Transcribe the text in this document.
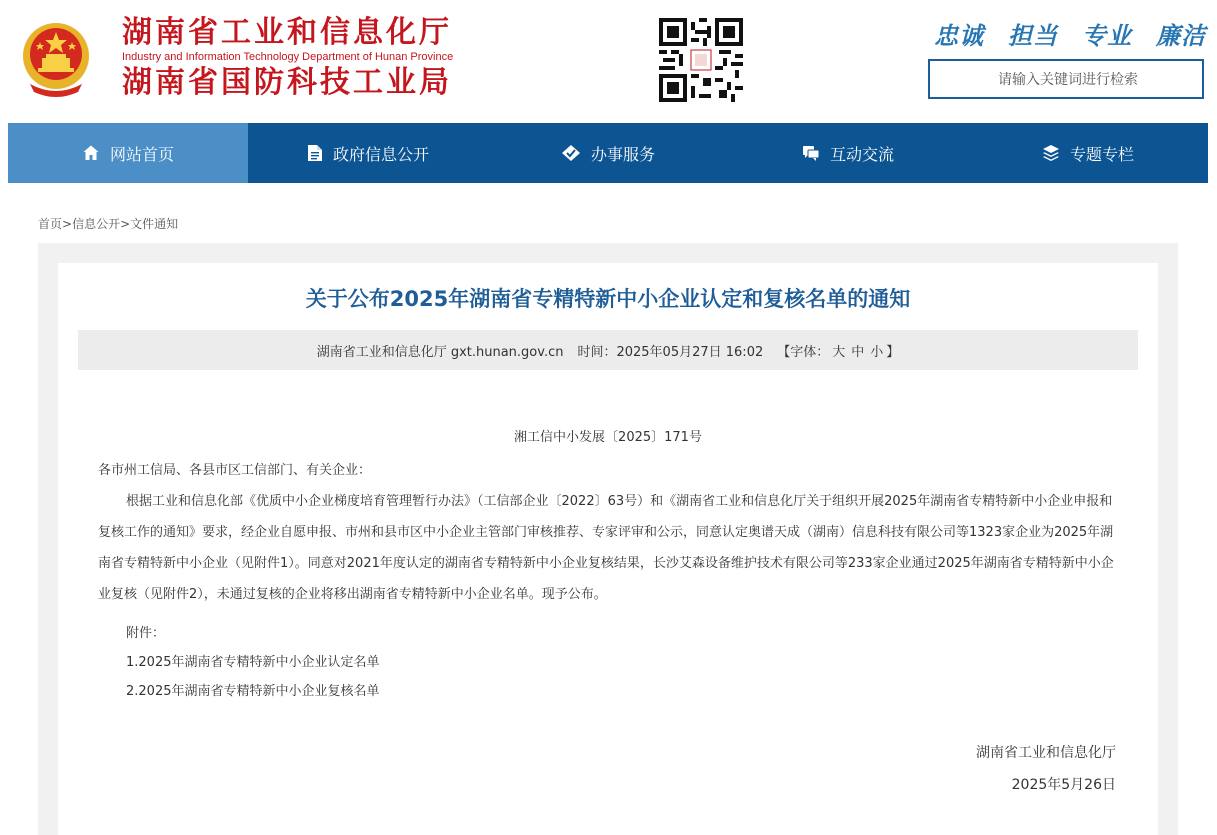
湖南省工业和信息化厅
Industry and Information Technology Department of Hunan Province
湖南省国防科技工业局
忠诚 担当 专业 廉洁
请输入关键词进行检索
网站首页	政府信息公开	办事服务	互动交流	专题专栏
首页>信息公开>文件通知
关于公布2025年湖南省专精特新中小企业认定和复核名单的通知
湖南省工业和信息化厅 gxt.hunan.gov.cn 时间：2025年05月27日 16:02 【字体： 大 中 小 】
湘工信中小发展〔2025〕171号

各市州工信局、各县市区工信部门、有关企业：

根据工业和信息化部《优质中小企业梯度培育管理暂行办法》（工信部企业〔2022〕63号）和《湖南省工业和信息化厅关于组织开展2025年湖南省专精特新中小企业申报和复核工作的通知》要求，经企业自愿申报、市州和县市区中小企业主管部门审核推荐、专家评审和公示，同意认定奥谱天成（湖南）信息科技有限公司等1323家企业为2025年湖南省专精特新中小企业（见附件1）。同意对2021年度认定的湖南省专精特新中小企业复核结果，长沙艾森设备维护技术有限公司等233家企业通过2025年湖南省专精特新中小企业复核（见附件2），未通过复核的企业将移出湖南省专精特新中小企业名单。现予公布。

附件：
1.2025年湖南省专精特新中小企业认定名单
2.2025年湖南省专精特新中小企业复核名单
湖南省工业和信息化厅
2025年5月26日
